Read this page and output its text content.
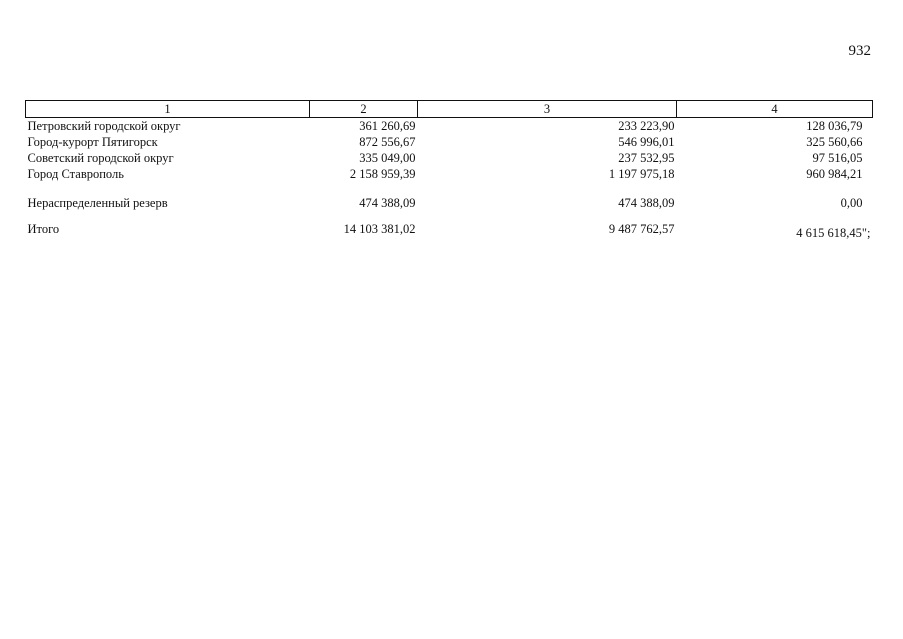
932
1	2	3	4
Петровский городской округ	361 260,69	233 223,90	128 036,79
Город-курорт Пятигорск	872 556,67	546 996,01	325 560,66
Советский городской округ	335 049,00	237 532,95	97 516,05
Город Ставрополь	2 158 959,39	1 197 975,18	960 984,21

Нераспределенный резерв	474 388,09	474 388,09	0,00

Итого	14 103 381,02	9 487 762,57	4 615 618,45";
